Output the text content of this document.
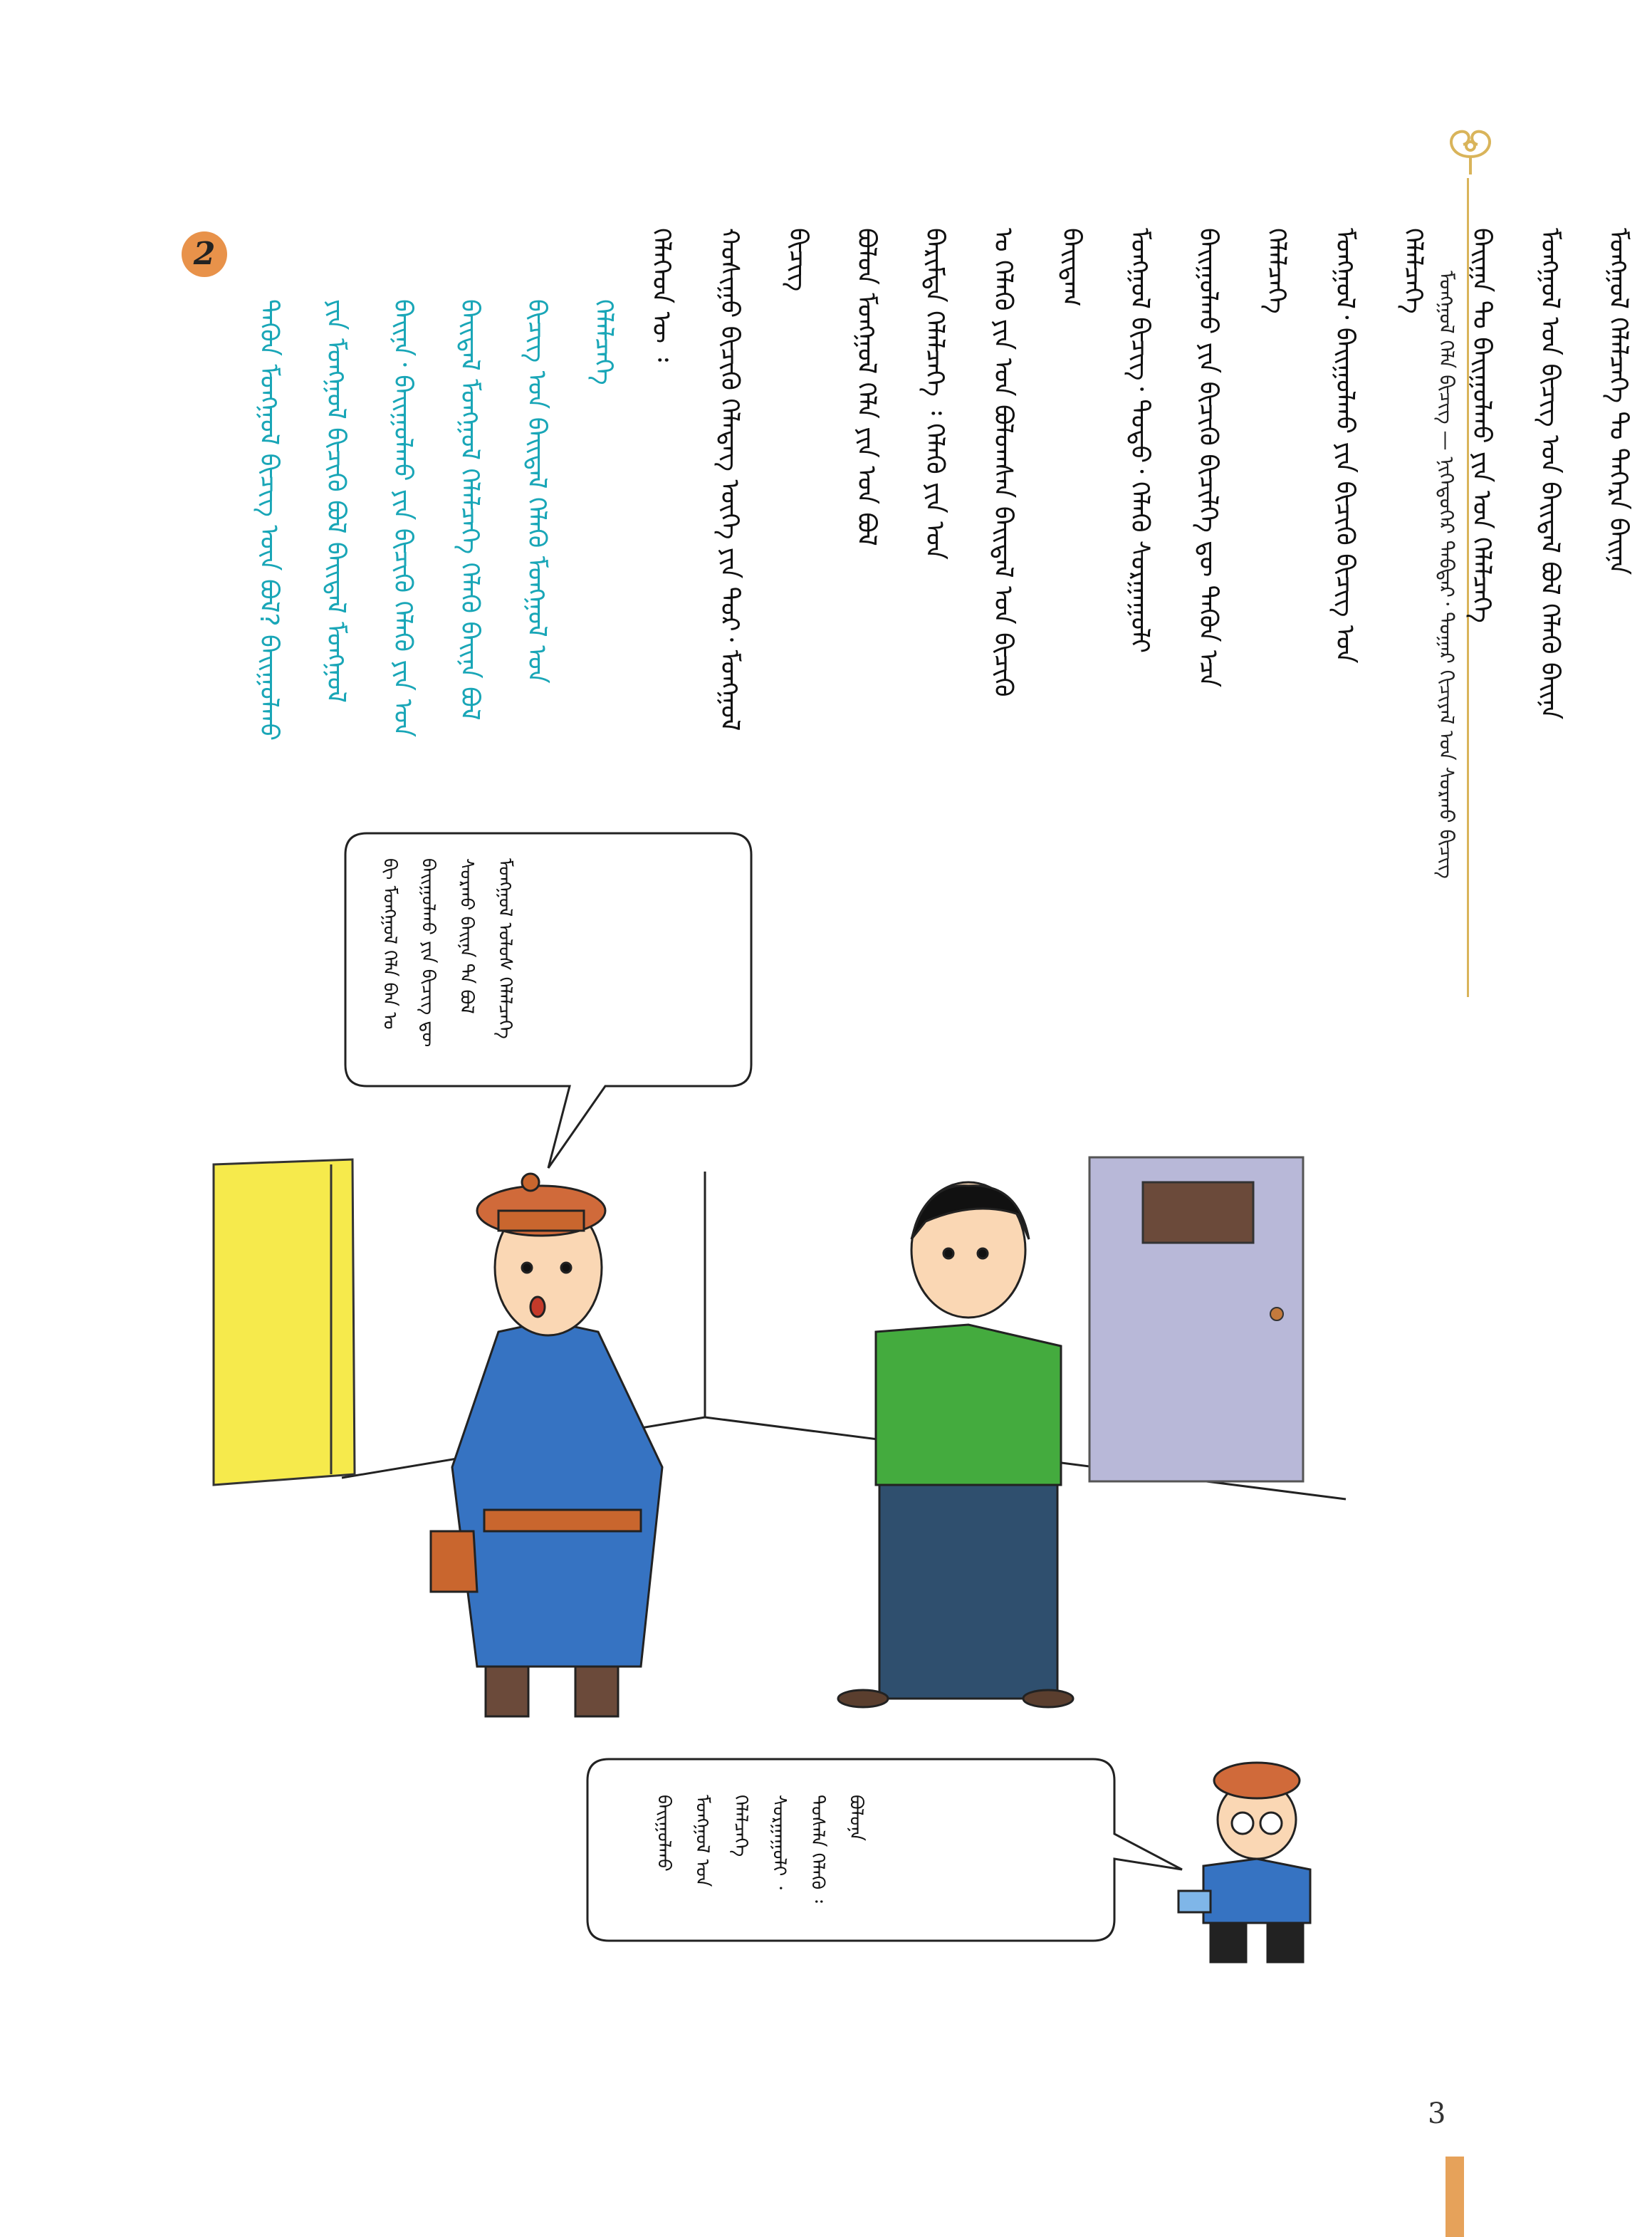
ᠮᠣᠩᠭᠣᠯ ᠬᠡᠯᠡ ᠪᠢᠴᠢᠭ — ᠨᠢᠭᠡᠳᠦᠭᠡᠷ ᠳᠡᠪᠲᠡᠷ᠂ ᠳᠤᠭᠠᠷ ᠬᠢᠴᠢᠶᠡᠯ ᠤᠨ ᠰᠤᠷᠬᠤ ᠪᠢᠴᠢᠭ
ᠬᠡᠯᠡᠭᠡᠳ ᠦ ᠄	ᠬᠤᠰᠢᠭᠤ ᠪᠢᠴᠢᠬᠦ ᠬᠡᠯᠡᠳᠡᠭ ᠦᠭᠡ ᠶᠢᠨ ᠳᠤᠷ᠂ ᠮᠤᠩᠭᠤᠯ ᠪᠢᠴᠢᠭ	ᠪᠣᠯᠤᠨ ᠮᠣᠩᠭᠣᠯ ᠬᠡᠯᠡ ᠶᠢᠨ ᠤᠨ ᠪᠣᠯ	ᠪᠠᠷᠢᠮᠲᠠ ᠬᠡᠯᠡᠯᠴᠡᠭᠡ ᠄ ᠬᠡᠯᠡᠬᠦ ᠶᠢᠨ ᠤᠨ	ᠤ ᠬᠡᠯᠡᠬᠦ ᠶᠢᠨ ᠤᠨ ᠪᠣᠯᠤᠭᠰᠠᠨ ᠪᠠᠢᠳᠠᠯ ᠤᠨ ᠪᠢᠴᠢᠬᠦ ᠪᠠᠢᠳᠠᠭ	ᠮᠣᠩᠭᠣᠯ ᠪᠢᠴᠢᠭ᠂ ᠲᠣᠳᠣ᠂ ᠬᠡᠯᠡᠬᠦ ᠰᠤᠷᠭᠠᠭᠤᠯᠢ	ᠪᠠᠢᠭᠤᠯᠬᠤ ᠶᠢᠨ ᠪᠢᠴᠢᠬᠦ ᠪᠢᠴᠢᠯᠭᠡ ᠳᠦ ᠲᠡᠭᠦᠨ ᠡᠴᠡ ᠬᠡᠯᠡᠯᠴᠡᠭᠡ	ᠮᠣᠩᠭᠣᠯ᠂ ᠪᠠᠢᠭᠤᠯᠬᠤ ᠶᠢᠨ ᠪᠢᠴᠢᠬᠦ ᠪᠢᠴᠢᠭ ᠤᠨ ᠬᠡᠯᠡᠯᠴᠡᠭᠡ	ᠪᠠᠢᠭᠠ ᠲᠤ ᠪᠠᠢᠭᠤᠯᠬᠤ ᠶᠢᠨ ᠤᠨ ᠬᠡᠯᠡᠯᠴᠡᠭᠡ	ᠮᠣᠩᠭᠣᠯ ᠤᠨ ᠪᠢᠴᠢᠭ ᠤᠨ ᠪᠠᠢᠳᠠᠯ ᠪᠣᠯ ᠬᠡᠯᠡᠬᠦ ᠪᠠᠢᠨᠠ	ᠮᠣᠩᠭᠣᠯ ᠬᠡᠯᠡᠯᠴᠡᠭᠡ ᠲᠤ ᠲᠡᠭᠡᠷᠡ ᠪᠠᠢᠨᠠ
2
ᠲᠡᠭᠦᠨ ᠮᠣᠩᠭᠣᠯ ᠪᠢᠴᠢᠭ᠌ ᠦᠨ ᠪᠣᠯ? ᠪᠠᠢᠭᠤᠯᠬᠤ ᠶᠢᠨ ᠮᠣᠩᠭᠣᠯ ᠪᠢᠴᠢᠬᠦ ᠪᠣᠯ ᠪᠠᠢᠳᠠᠯ ᠮᠣᠩᠭᠣᠯ ᠪᠠᠢᠨᠠ᠂ ᠪᠠᠢᠭᠤᠯᠬᠤ ᠶᠢᠨ ᠪᠢᠴᠢᠬᠦ ᠬᠡᠯᠡᠬᠦ ᠶᠢᠨ ᠤᠨ ᠪᠠᠢᠳᠠᠯ ᠮᠣᠩᠭᠣᠯ ᠬᠡᠯᠡᠯᠴᠡᠭᠡ ᠬᠡᠯᠡᠬᠦ ᠪᠠᠢᠨᠠ ᠪᠣᠯ ᠪᠢᠴᠢᠭ ᠤᠨ ᠪᠠᠢᠳᠠᠯ ᠬᠡᠯᠡᠬᠦ ᠮᠣᠩᠭᠣᠯ ᠤᠨ ᠬᠡᠯᠡᠯᠴᠡᠭᠡ
ᠪᠢ ᠮᠣᠩᠭᠣᠯ ᠬᠡᠯᠡ ᠪᠠᠨ ᠤ ᠪᠠᠢᠭᠤᠯᠬᠤ ᠶᠢᠨ ᠪᠢᠴᠢᠭ ᠳᠦ ᠰᠤᠷᠬᠤ ᠪᠠᠢᠨᠠ ᠲᠠ ᠪᠣᠯ ᠮᠣᠩᠭᠣᠯ ᠤᠯᠤᠰ ᠬᠡᠯᠡᠯᠴᠡᠭᠡ
ᠪᠠᠢᠭᠤᠯᠬᠤ ᠮᠣᠩᠭᠣᠯ ᠤᠨ ᠬᠡᠯᠡᠯᠴᠡᠭᠡ ᠰᠤᠷᠭᠠᠭᠤᠯᠢ ᠂ ᠲᠤᠰᠠᠯᠠ ᠬᠡᠯᠡᠬᠦ ᠄ ᠪᠣᠯᠤᠨᠠ
3
